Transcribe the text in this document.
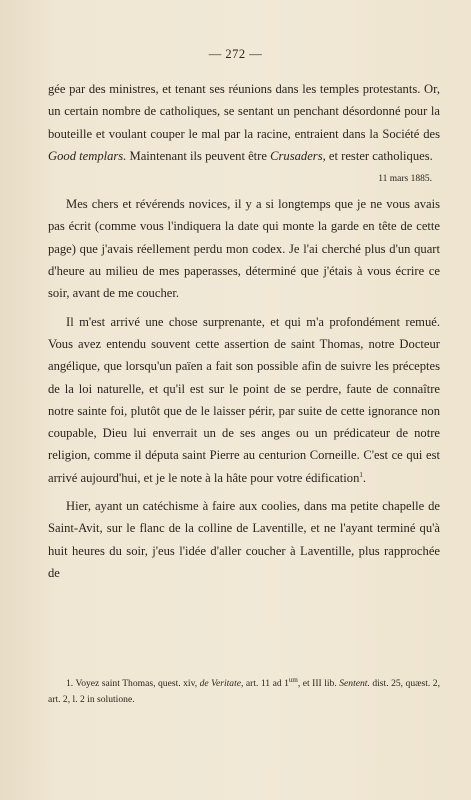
— 272 —

gée par des ministres, et tenant ses réunions dans les temples protestants. Or, un certain nombre de catholiques, se sentant un penchant désordonné pour la bouteille et voulant couper le mal par la racine, entraient dans la Société des Good templars. Maintenant ils peuvent être Crusaders, et rester catholiques.

11 mars 1885.

Mes chers et révérends novices, il y a si longtemps que je ne vous avais pas écrit (comme vous l'indiquera la date qui monte la garde en tête de cette page) que j'avais réellement perdu mon codex. Je l'ai cherché plus d'un quart d'heure au milieu de mes paperasses, déterminé que j'étais à vous écrire ce soir, avant de me coucher.

Il m'est arrivé une chose surprenante, et qui m'a profondément remué. Vous avez entendu souvent cette assertion de saint Thomas, notre Docteur angélique, que lorsqu'un païen a fait son possible afin de suivre les préceptes de la loi naturelle, et qu'il est sur le point de se perdre, faute de connaître notre sainte foi, plutôt que de le laisser périr, par suite de cette ignorance non coupable, Dieu lui enverrait un de ses anges ou un prédicateur de notre religion, comme il députa saint Pierre au centurion Corneille. C'est ce qui est arrivé aujourd'hui, et je le note à la hâte pour votre édification$^1$.

Hier, ayant un catéchisme à faire aux coolies, dans ma petite chapelle de Saint-Avit, sur le flanc de la colline de Laventille, et ne l'ayant terminé qu'à huit heures du soir, j'eus l'idée d'aller coucher à Laventille, plus rapprochée de

1. Voyez saint Thomas, quest. xiv, de Veritate, art. 11 ad $1^{um}$, et III lib. Sentent. dist. 25, quæst. 2, art. 2, l. 2 in solutione.
